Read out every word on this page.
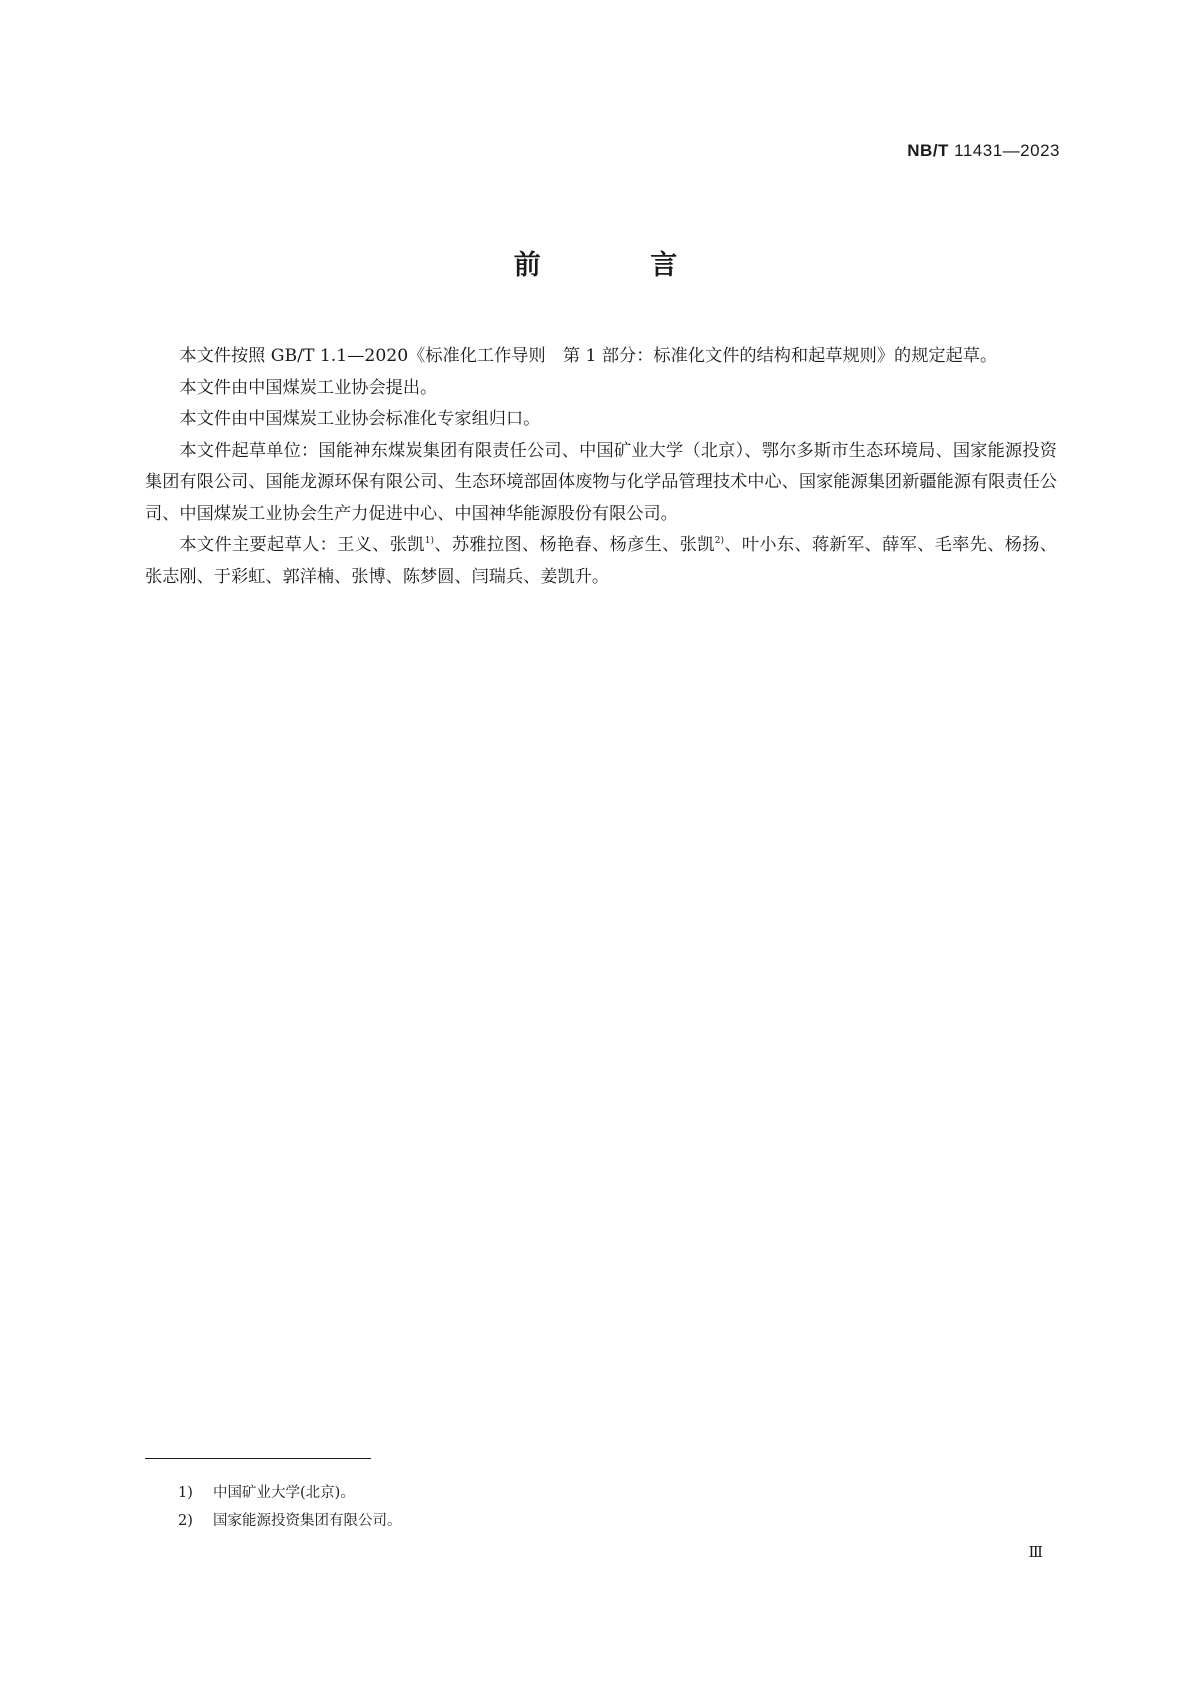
NB/T 11431—2023
前 言

本文件按照 GB/T 1.1—2020《标准化工作导则　第 1 部分：标准化文件的结构和起草规则》的规定起草。

本文件由中国煤炭工业协会提出。

本文件由中国煤炭工业协会标准化专家组归口。

本文件起草单位：国能神东煤炭集团有限责任公司、中国矿业大学（北京）、鄂尔多斯市生态环境局、国家能源投资集团有限公司、国能龙源环保有限公司、生态环境部固体废物与化学品管理技术中心、国家能源集团新疆能源有限责任公司、中国煤炭工业协会生产力促进中心、中国神华能源股份有限公司。

本文件主要起草人：王义、张凯$^{1)}$、苏雅拉图、杨艳春、杨彦生、张凯$^{2)}$、叶小东、蒋新军、薛军、毛率先、杨扬、张志刚、于彩虹、郭洋楠、张博、陈梦圆、闫瑞兵、姜凯升。

1) 中国矿业大学(北京)。
2) 国家能源投资集团有限公司。
Ⅲ
